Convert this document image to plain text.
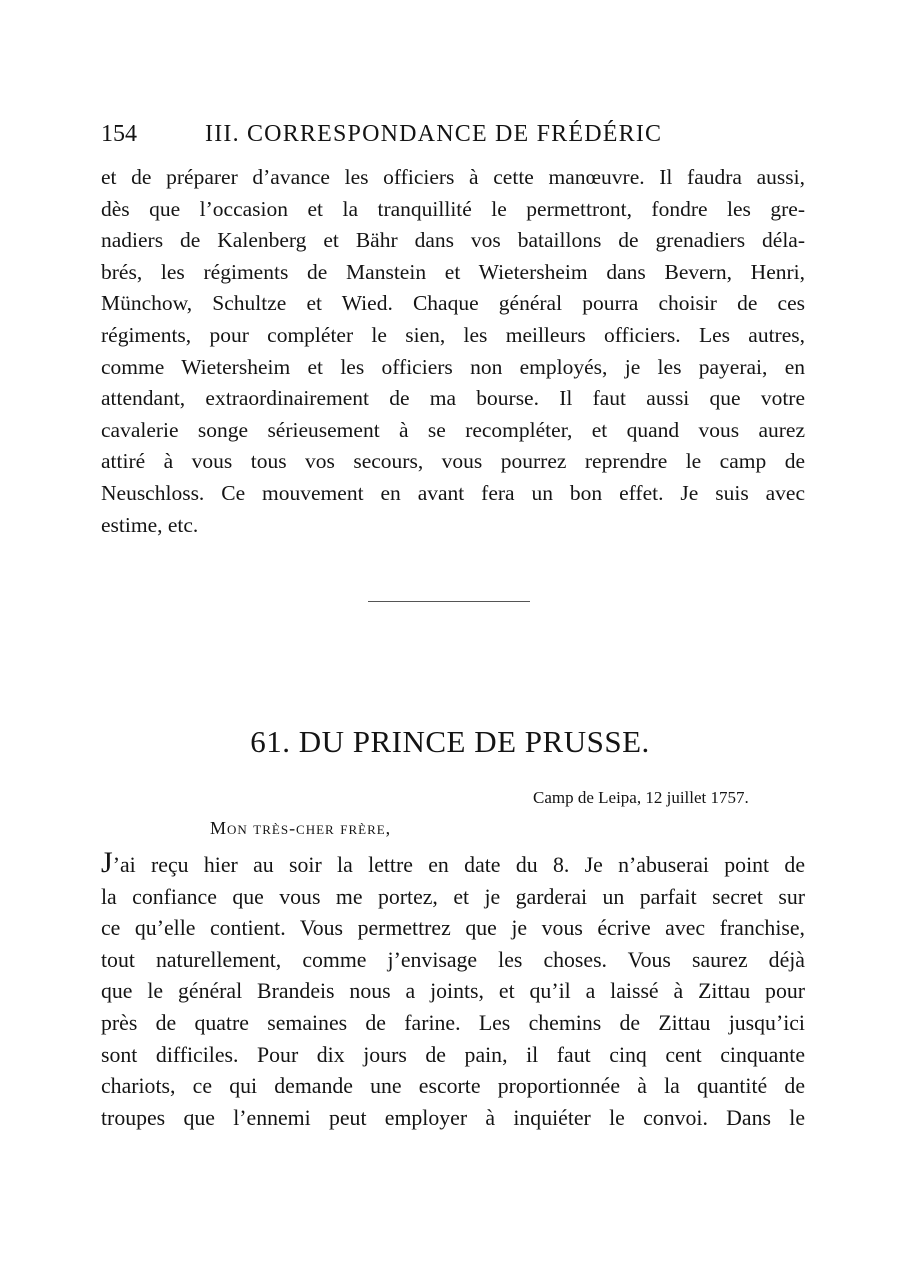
154	III. CORRESPONDANCE DE FRÉDÉRIC

et de préparer d’avance les officiers à cette manœuvre. Il faudra aussi,
dès que l’occasion et la tranquillité le permettront, fondre les gre-
nadiers de Kalenberg et Bähr dans vos bataillons de grenadiers déla-
brés, les régiments de Manstein et Wietersheim dans Bevern, Henri,
Münchow, Schultze et Wied. Chaque général pourra choisir de ces
régiments, pour compléter le sien, les meilleurs officiers. Les autres,
comme Wietersheim et les officiers non employés, je les payerai, en
attendant, extraordinairement de ma bourse. Il faut aussi que votre
cavalerie songe sérieusement à se recompléter, et quand vous aurez
attiré à vous tous vos secours, vous pourrez reprendre le camp de
Neuschloss. Ce mouvement en avant fera un bon effet. Je suis avec
estime, etc.

61. DU PRINCE DE PRUSSE.
Camp de Leipa, 12 juillet 1757.
Mon très-cher frère,

J’ai reçu hier au soir la lettre en date du 8. Je n’abuserai point de
la confiance que vous me portez, et je garderai un parfait secret sur
ce qu’elle contient. Vous permettrez que je vous écrive avec franchise,
tout naturellement, comme j’envisage les choses. Vous saurez déjà
que le général Brandeis nous a joints, et qu’il a laissé à Zittau pour
près de quatre semaines de farine. Les chemins de Zittau jusqu’ici
sont difficiles. Pour dix jours de pain, il faut cinq cent cinquante
chariots, ce qui demande une escorte proportionnée à la quantité de
troupes que l’ennemi peut employer à inquiéter le convoi. Dans le
